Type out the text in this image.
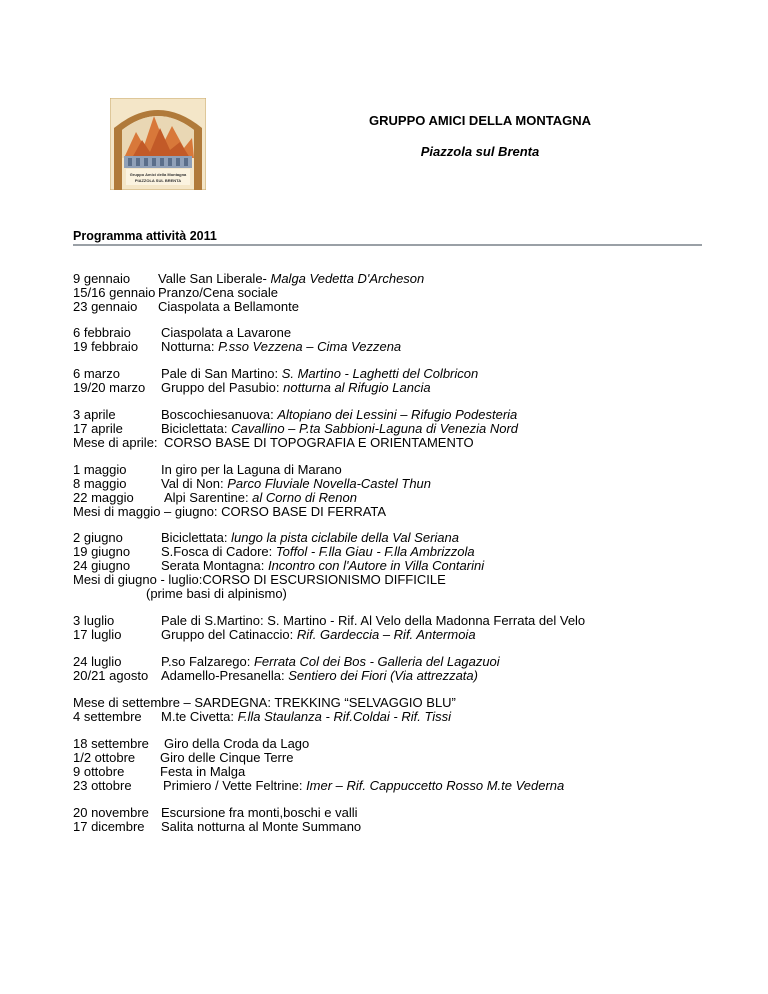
Gruppo Amici della Montagna
PIAZZOLA SUL BRENTA
GRUPPO AMICI DELLA MONTAGNA
Piazzola sul Brenta
Programma attività 2011
9 gennaio Valle San Liberale- Malga Vedetta D'Archeson
15/16 gennaio Pranzo/Cena sociale
23 gennaio Ciaspolata a Bellamonte
6 febbraio Ciaspolata a Lavarone
19 febbraio Notturna: P.sso Vezzena – Cima Vezzena
6 marzo	Pale di San Martino: S. Martino - Laghetti del Colbricon
19/20 marzo Gruppo del Pasubio: notturna al Rifugio Lancia
3 aprile	Boscochiesanuova: Altopiano dei Lessini – Rifugio Podesteria
17 aprile	Biciclettata: Cavallino – P.ta Sabbioni-Laguna di Venezia Nord
Mese di aprile: CORSO BASE DI TOPOGRAFIA E ORIENTAMENTO
1 maggio	In giro per la Laguna di Marano
8 maggio	Val di Non: Parco Fluviale Novella-Castel Thun
22 maggio Alpi Sarentine: al Corno di Renon
Mesi di maggio – giugno: CORSO BASE DI FERRATA
2 giugno	Biciclettata: lungo la pista ciclabile della Val Seriana
19 giugno S.Fosca di Cadore: Toffol - F.lla Giau - F.lla Ambrizzola
24 giugno Serata Montagna: Incontro con l'Autore in Villa Contarini
Mesi di giugno - luglio:CORSO DI ESCURSIONISMO DIFFICILE
(prime basi di alpinismo)
3 luglio	Pale di S.Martino: S. Martino - Rif. Al Velo della Madonna Ferrata del Velo
17 luglio	Gruppo del Catinaccio: Rif. Gardeccia – Rif. Antermoia
24 luglio	P.so Falzarego: Ferrata Col dei Bos - Galleria del Lagazuoi
20/21 agosto Adamello-Presanella: Sentiero dei Fiori (Via attrezzata)
Mese di settembre – SARDEGNA: TREKKING “SELVAGGIO BLU”
4 settembre M.te Civetta: F.lla Staulanza - Rif.Coldai - Rif. Tissi
18 settembre Giro della Croda da Lago
1/2 ottobre Giro delle Cinque Terre
9 ottobre	Festa in Malga
23 ottobre Primiero / Vette Feltrine: Imer – Rif. Cappuccetto Rosso M.te Vederna
20 novembre Escursione fra monti,boschi e valli
17 dicembre Salita notturna al Monte Summano
